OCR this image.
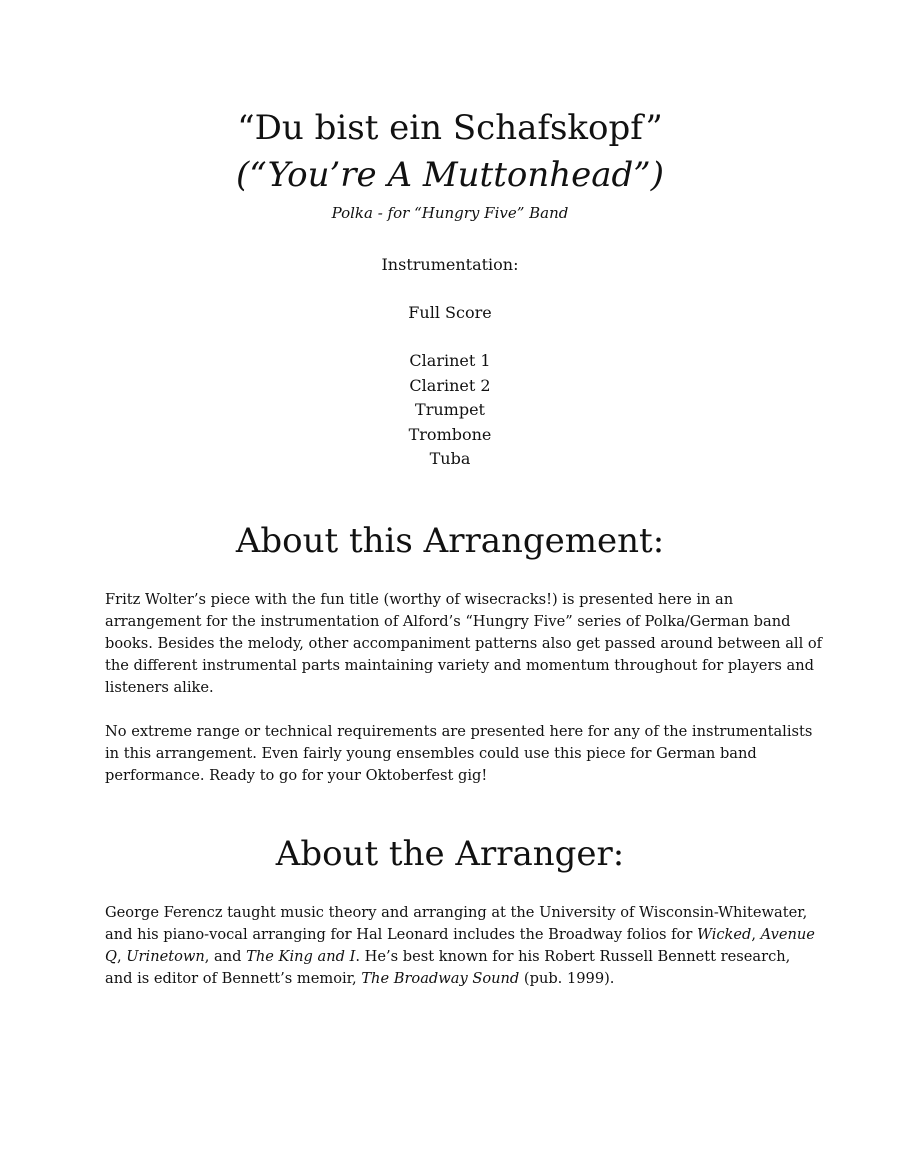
“Du bist ein Schafskopf”
(“You’re A Muttonhead”)
Polka - for “Hungry Five” Band
Instrumentation:
Full Score
Clarinet 1
Clarinet 2
Trumpet
Trombone
Tuba
About this Arrangement:

Fritz Wolter’s piece with the fun title (worthy of wisecracks!) is presented here in an
arrangement for the instrumentation of Alford’s “Hungry Five” series of Polka/German band
books. Besides the melody, other accompaniment patterns also get passed around between all of
the different instrumental parts maintaining variety and momentum throughout for players and
listeners alike.

No extreme range or technical requirements are presented here for any of the instrumentalists
in this arrangement. Even fairly young ensembles could use this piece for German band
performance. Ready to go for your Oktoberfest gig!

About the Arranger:

George Ferencz taught music theory and arranging at the University of Wisconsin-Whitewater,
and his piano-vocal arranging for Hal Leonard includes the Broadway folios for Wicked, Avenue
Q, Urinetown, and The King and I. He’s best known for his Robert Russell Bennett research,
and is editor of Bennett’s memoir, The Broadway Sound (pub. 1999).
